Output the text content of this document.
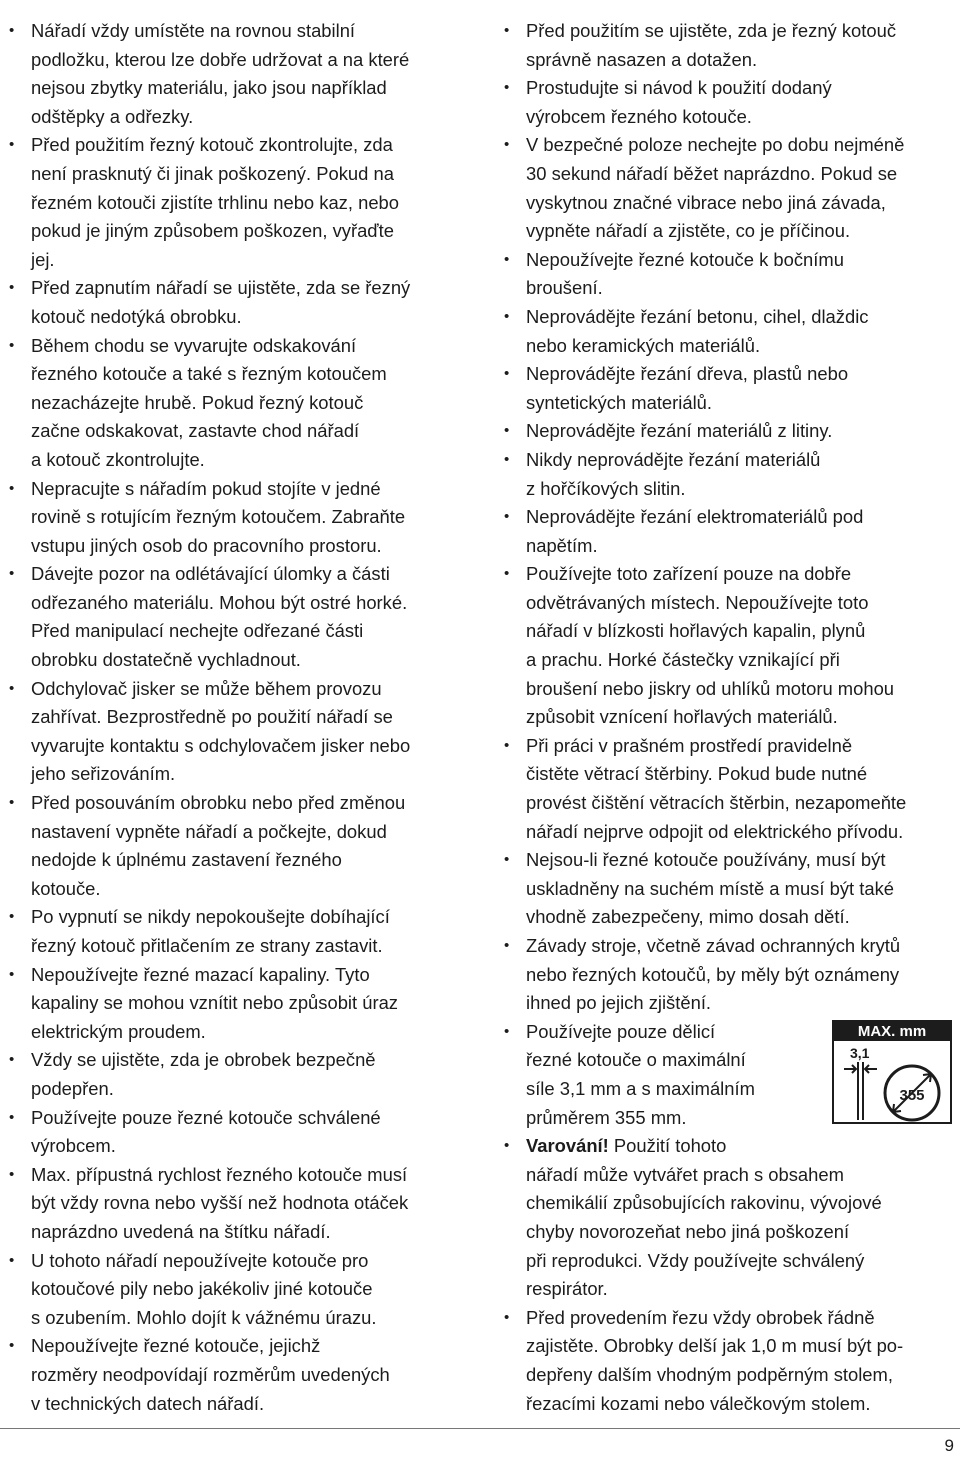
• Nářadí vždy umístěte na rovnou stabilní
podložku, kterou lze dobře udržovat a na které
nejsou zbytky materiálu, jako jsou například
odštěpky a odřezky.
• Před použitím řezný kotouč zkontrolujte, zda
není prasknutý či jinak poškozený. Pokud na
řezném kotouči zjistíte trhlinu nebo kaz, nebo
pokud je jiným způsobem poškozen, vyřaďte
jej.
• Před zapnutím nářadí se ujistěte, zda se řezný
kotouč nedotýká obrobku.
• Během chodu se vyvarujte odskakování
řezného kotouče a také s řezným kotoučem
nezacházejte hrubě. Pokud řezný kotouč
začne odskakovat, zastavte chod nářadí
a kotouč zkontrolujte.
• Nepracujte s nářadím pokud stojíte v jedné
rovině s rotujícím řezným kotoučem. Zabraňte
vstupu jiných osob do pracovního prostoru.
• Dávejte pozor na odlétávající úlomky a části
odřezaného materiálu. Mohou být ostré horké.
Před manipulací nechejte odřezané části
obrobku dostatečně vychladnout.
• Odchylovač jisker se může během provozu
zahřívat. Bezprostředně po použití nářadí se
vyvarujte kontaktu s odchylovačem jisker nebo
jeho seřizováním.
• Před posouváním obrobku nebo před změnou
nastavení vypněte nářadí a počkejte, dokud
nedojde k úplnému zastavení řezného
kotouče.
• Po vypnutí se nikdy nepokoušejte dobíhající
řezný kotouč přitlačením ze strany zastavit.
• Nepoužívejte řezné mazací kapaliny. Tyto
kapaliny se mohou vznítit nebo způsobit úraz
elektrickým proudem.
• Vždy se ujistěte, zda je obrobek bezpečně
podepřen.
• Používejte pouze řezné kotouče schválené
výrobcem.
• Max. přípustná rychlost řezného kotouče musí
být vždy rovna nebo vyšší než hodnota otáček
naprázdno uvedená na štítku nářadí.
• U tohoto nářadí nepoužívejte kotouče pro
kotoučové pily nebo jakékoliv jiné kotouče
s ozubením. Mohlo dojít k vážnému úrazu.
• Nepoužívejte řezné kotouče, jejichž
rozměry neodpovídají rozměrům uvedených
v technických datech nářadí.
• Před použitím se ujistěte, zda je řezný kotouč
správně nasazen a dotažen.
• Prostudujte si návod k použití dodaný
výrobcem řezného kotouče.
• V bezpečné poloze nechejte po dobu nejméně
30 sekund nářadí běžet naprázdno. Pokud se
vyskytnou značné vibrace nebo jiná závada,
vypněte nářadí a zjistěte, co je příčinou.
• Nepoužívejte řezné kotouče k bočnímu
broušení.
• Neprovádějte řezání betonu, cihel, dlaždic
nebo keramických materiálů.
• Neprovádějte řezání dřeva, plastů nebo
syntetických materiálů.
• Neprovádějte řezání materiálů z litiny.
• Nikdy neprovádějte řezání materiálů
z hořčíkových slitin.
• Neprovádějte řezání elektromateriálů pod
napětím.
• Používejte toto zařízení pouze na dobře
odvětrávaných místech. Nepoužívejte toto
nářadí v blízkosti hořlavých kapalin, plynů
a prachu. Horké částečky vznikající při
broušení nebo jiskry od uhlíků motoru mohou
způsobit vznícení hořlavých materiálů.
• Při práci v prašném prostředí pravidelně
čistěte větrací štěrbiny. Pokud bude nutné
provést čištění větracích štěrbin, nezapomeňte
nářadí nejprve odpojit od elektrického přívodu.
• Nejsou-li řezné kotouče používány, musí být
uskladněny na suchém místě a musí být také
vhodně zabezpečeny, mimo dosah dětí.
• Závady stroje, včetně závad ochranných krytů
nebo řezných kotoučů, by měly být oznámeny
ihned po jejich zjištění.
• Používejte pouze dělicí
řezné kotouče o maximální
síle 3,1 mm a s maximálním
průměrem 355 mm.
• Varování! Použití tohoto
nářadí může vytvářet prach s obsahem
chemikálií způsobujících rakovinu, vývojové
chyby novorozeňat nebo jiná poškození
při reprodukci. Vždy používejte schválený
respirátor.
• Před provedením řezu vždy obrobek řádně
zajistěte. Obrobky delší jak 1,0 m musí být po-
depřeny dalším vhodným podpěrným stolem,
řezacími kozami nebo válečkovým stolem.
MAX. mm
3,1
355
9
